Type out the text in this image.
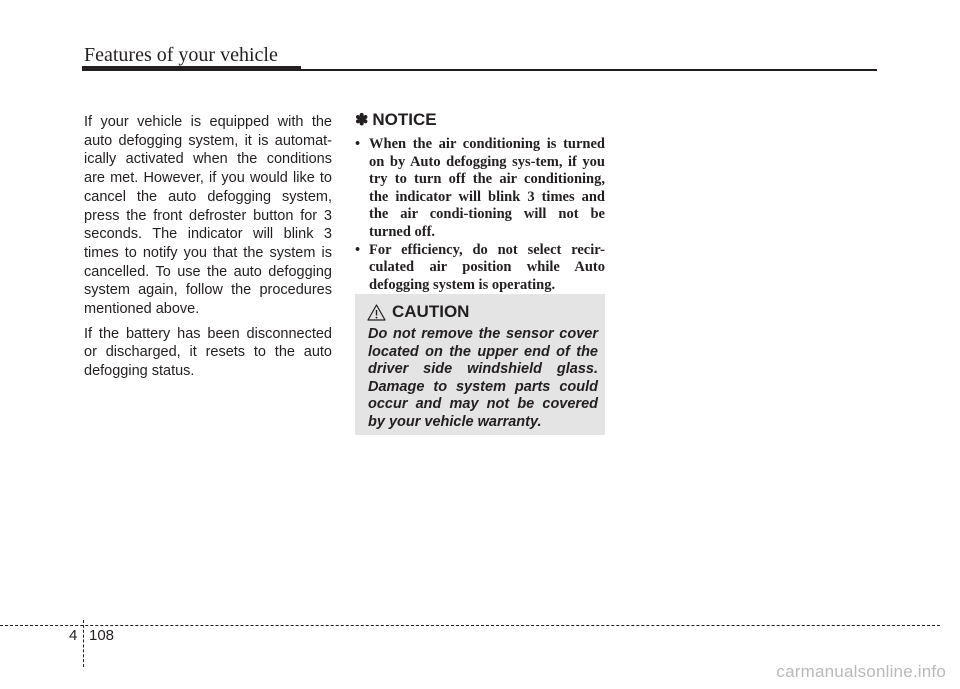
Features of your vehicle

If your vehicle is equipped with the auto defogging system, it is automat-ically activated when the conditions are met. However, if you would like to cancel the auto defogging system, press the front defroster button for 3 seconds. The indicator will blink 3 times to notify you that the system is cancelled. To use the auto defogging system again, follow the procedures mentioned above.

If the battery has been disconnected or discharged, it resets to the auto defogging status.

✽ NOTICE
• When the air conditioning is turned on by Auto defogging sys-tem, if you try to turn off the air conditioning, the indicator will blink 3 times and the air condi-tioning will not be turned off.
• For efficiency, do not select recir-culated air position while Auto defogging system is operating.
CAUTION
Do not remove the sensor cover located on the upper end of the driver side windshield glass. Damage to system parts could occur and may not be covered by your vehicle warranty.
4 108
carmanualsonline.info
